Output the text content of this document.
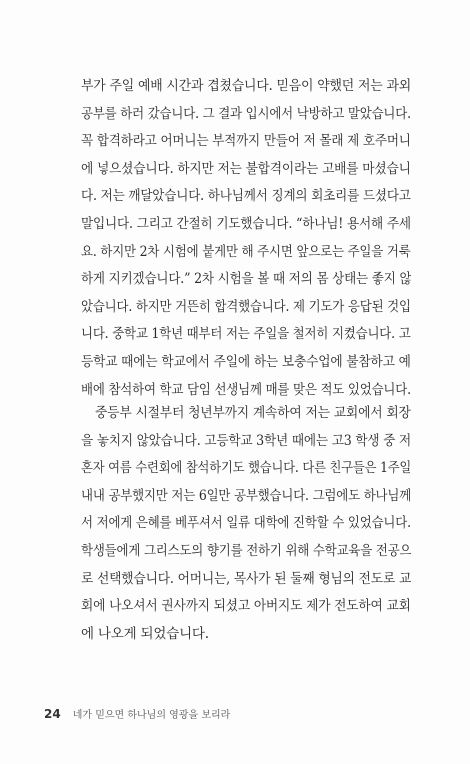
부가 주일 예배 시간과 겹쳤습니다. 믿음이 약했던 저는 과외
공부를 하러 갔습니다. 그 결과 입시에서 낙방하고 말았습니다.
꼭 합격하라고 어머니는 부적까지 만들어 저 몰래 제 호주머니
에 넣으셨습니다. 하지만 저는 불합격이라는 고배를 마셨습니
다. 저는 깨달았습니다. 하나님께서 징계의 회초리를 드셨다고
말입니다. 그리고 간절히 기도했습니다. “하나님! 용서해 주세
요. 하지만 2차 시험에 붙게만 해 주시면 앞으로는 주일을 거룩
하게 지키겠습니다.” 2차 시험을 볼 때 저의 몸 상태는 좋지 않
았습니다. 하지만 거뜬히 합격했습니다. 제 기도가 응답된 것입
니다. 중학교 1학년 때부터 저는 주일을 철저히 지켰습니다. 고
등학교 때에는 학교에서 주일에 하는 보충수업에 불참하고 예
배에 참석하여 학교 담임 선생님께 매를 맞은 적도 있었습니다.
중등부 시절부터 청년부까지 계속하여 저는 교회에서 회장
을 놓치지 않았습니다. 고등학교 3학년 때에는 고3 학생 중 저
혼자 여름 수련회에 참석하기도 했습니다. 다른 친구들은 1주일
내내 공부했지만 저는 6일만 공부했습니다. 그럼에도 하나님께
서 저에게 은혜를 베푸셔서 일류 대학에 진학할 수 있었습니다.
학생들에게 그리스도의 향기를 전하기 위해 수학교육을 전공으
로 선택했습니다. 어머니는, 목사가 된 둘째 형님의 전도로 교
회에 나오셔서 권사까지 되셨고 아버지도 제가 전도하여 교회
에 나오게 되었습니다.
24 네가 믿으면 하나님의 영광을 보리라
